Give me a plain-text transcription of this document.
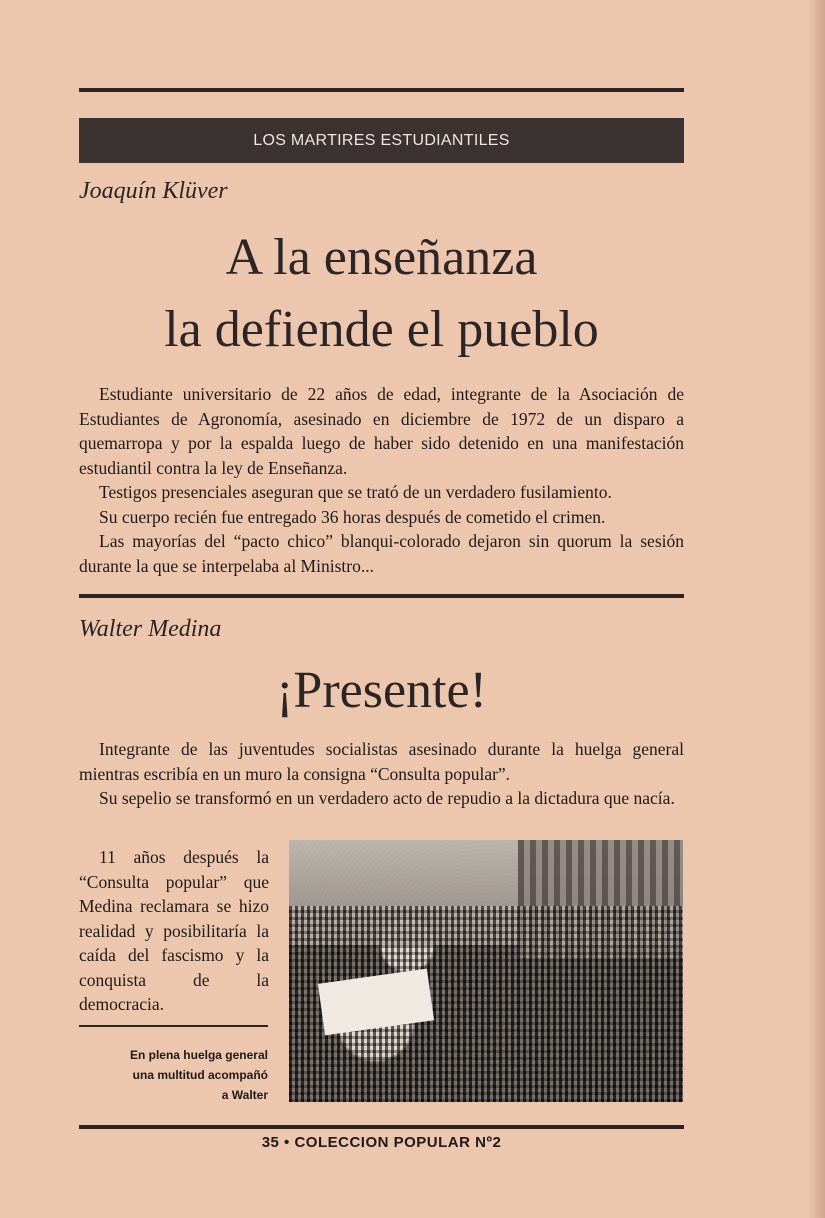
LOS MARTIRES ESTUDIANTILES
Joaquín Klüver
A la enseñanza
la defiende el pueblo

Estudiante universitario de 22 años de edad, integrante de la Asociación de Estudiantes de Agronomía, asesinado en diciembre de 1972 de un disparo a quemarropa y por la espalda luego de haber sido detenido en una manifestación estudiantil contra la ley de Enseñanza.

Testigos presenciales aseguran que se trató de un verdadero fusilamiento.

Su cuerpo recién fue entregado 36 horas después de cometido el crimen.

Las mayorías del “pacto chico” blanqui-colorado dejaron sin quorum la sesión durante la que se interpelaba al Ministro...

Walter Medina
¡Presente!

Integrante de las juventudes socialistas asesinado durante la huelga general mientras escribía en un muro la consigna “Consulta popular”.

Su sepelio se transformó en un verdadero acto de repudio a la dictadura que nacía.

11 años después la “Consulta popular” que Medina reclamara se hizo realidad y posibilitaría la caída del fascismo y la conquista de la democracia.

En plena huelga general
una multitud acompañó
a Walter
35 • COLECCION POPULAR Nº2
